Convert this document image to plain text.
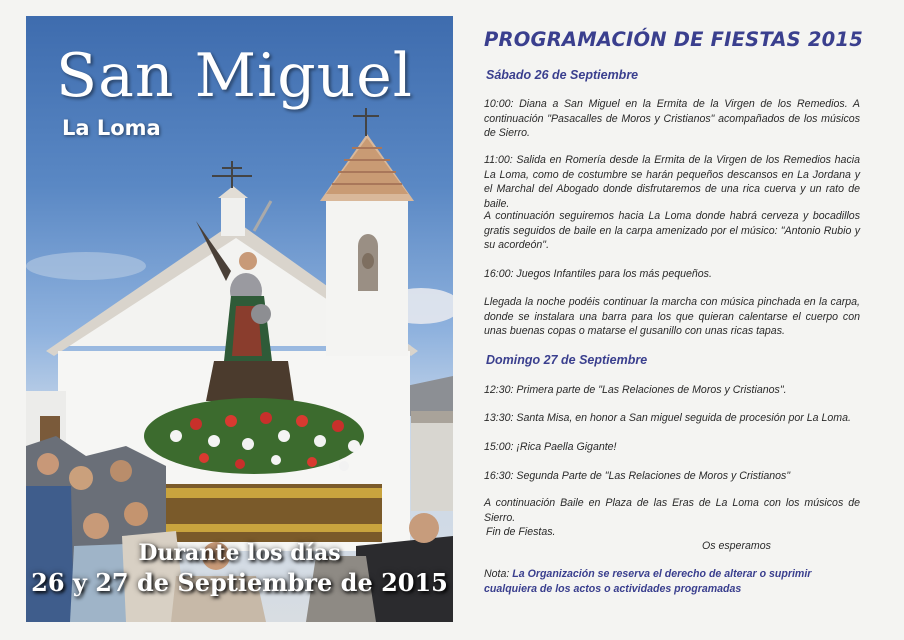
San Miguel
La Loma
Durante los días
26 y 27 de Septiembre de 2015
PROGRAMACIÓN DE FIESTAS 2015
Sábado 26 de Septiembre
10:00: Diana a San Miguel en la Ermita de la Virgen de los Remedios. A continuación "Pasacalles de Moros y Cristianos" acompañados de los músicos de Sierro.
11:00: Salida en Romería desde la Ermita de la Virgen de los Remedios hacia La Loma, como de costumbre se harán pequeños descansos en La Jordana y el Marchal del Abogado donde disfrutaremos de una rica cuerva y un rato de baile.
A continuación seguiremos hacia La Loma donde habrá cerveza y bocadillos gratis seguidos de baile en la carpa amenizado por el músico: "Antonio Rubio y su acordeón".
16:00: Juegos Infantiles para los más pequeños.
Llegada la noche podéis continuar la marcha con música pinchada en la carpa, donde se instalara una barra para los que quieran calentarse el cuerpo con unas buenas copas o matarse el gusanillo con unas ricas tapas.
Domingo 27 de Septiembre
12:30: Primera parte de "Las Relaciones de Moros y Cristianos".
13:30: Santa Misa, en honor a San miguel seguida de procesión por La Loma.
15:00: ¡Rica Paella Gigante!
16:30: Segunda Parte de "Las Relaciones de Moros y Cristianos"
A continuación Baile en Plaza de las Eras de La Loma con los músicos de Sierro.
Fin de Fiestas.
Os esperamos
Nota: La Organización se reserva el derecho de alterar o suprimir cualquiera de los actos o actividades programadas
